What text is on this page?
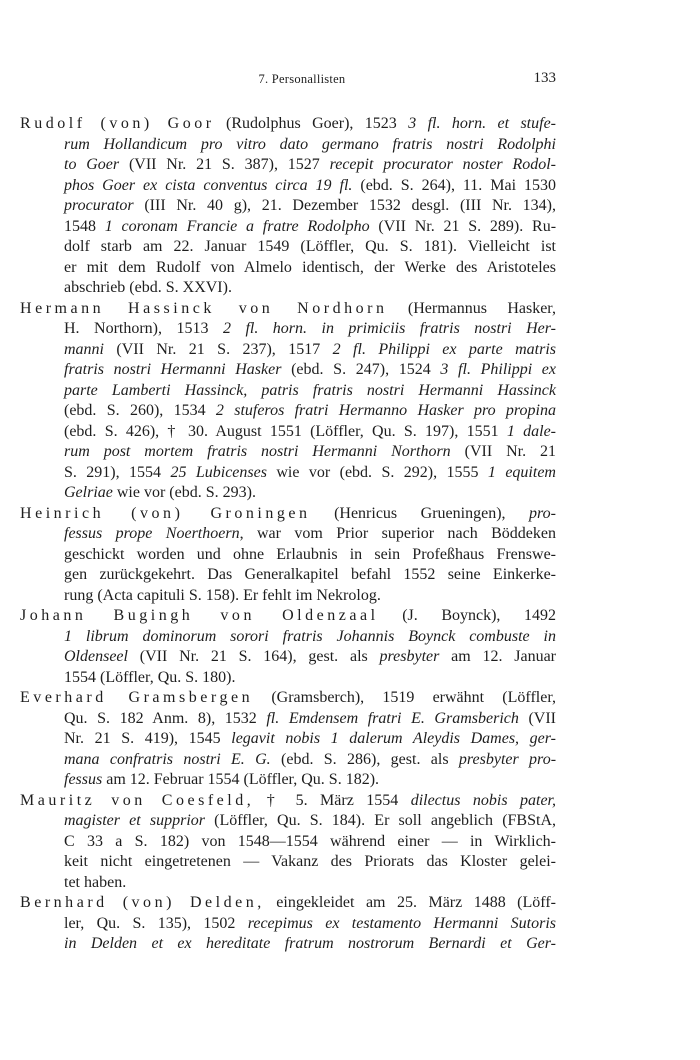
7. Personallisten	133
Rudolf (von) Goor (Rudolphus Goer), 1523 3 fl. horn. et stufe-
rum Hollandicum pro vitro dato germano fratris nostri Rodolphi
to Goer (VII Nr. 21 S. 387), 1527 recepit procurator noster Rodol-
phos Goer ex cista conventus circa 19 fl. (ebd. S. 264), 11. Mai 1530
procurator (III Nr. 40 g), 21. Dezember 1532 desgl. (III Nr. 134),
1548 1 coronam Francie a fratre Rodolpho (VII Nr. 21 S. 289). Ru-
dolf starb am 22. Januar 1549 (Löffler, Qu. S. 181). Vielleicht ist
er mit dem Rudolf von Almelo identisch, der Werke des Aristoteles
abschrieb (ebd. S. XXVI).
Hermann Hassinck von Nordhorn (Hermannus Hasker,
H. Northorn), 1513 2 fl. horn. in primiciis fratris nostri Her-
manni (VII Nr. 21 S. 237), 1517 2 fl. Philippi ex parte matris
fratris nostri Hermanni Hasker (ebd. S. 247), 1524 3 fl. Philippi ex
parte Lamberti Hassinck, patris fratris nostri Hermanni Hassinck
(ebd. S. 260), 1534 2 stuferos fratri Hermanno Hasker pro propina
(ebd. S. 426), † 30. August 1551 (Löffler, Qu. S. 197), 1551 1 dale-
rum post mortem fratris nostri Hermanni Northorn (VII Nr. 21
S. 291), 1554 25 Lubicenses wie vor (ebd. S. 292), 1555 1 equitem
Gelriae wie vor (ebd. S. 293).
Heinrich (von) Groningen (Henricus Grueningen), pro-
fessus prope Noerthoern, war vom Prior superior nach Böddeken
geschickt worden und ohne Erlaubnis in sein Profeßhaus Frenswe-
gen zurückgekehrt. Das Generalkapitel befahl 1552 seine Einkerke-
rung (Acta capituli S. 158). Er fehlt im Nekrolog.
Johann Bugingh von Oldenzaal (J. Boynck), 1492
1 librum dominorum sorori fratris Johannis Boynck combuste in
Oldenseel (VII Nr. 21 S. 164), gest. als presbyter am 12. Januar
1554 (Löffler, Qu. S. 180).
Everhard Gramsbergen (Gramsberch), 1519 erwähnt (Löffler,
Qu. S. 182 Anm. 8), 1532 fl. Emdensem fratri E. Gramsberich (VII
Nr. 21 S. 419), 1545 legavit nobis 1 dalerum Aleydis Dames, ger-
mana confratris nostri E. G. (ebd. S. 286), gest. als presbyter pro-
fessus am 12. Februar 1554 (Löffler, Qu. S. 182).
Mauritz von Coesfeld, † 5. März 1554 dilectus nobis pater,
magister et supprior (Löffler, Qu. S. 184). Er soll angeblich (FBStA,
C 33 a S. 182) von 1548—1554 während einer — in Wirklich-
keit nicht eingetretenen — Vakanz des Priorats das Kloster gelei-
tet haben.
Bernhard (von) Delden, eingekleidet am 25. März 1488 (Löff-
ler, Qu. S. 135), 1502 recepimus ex testamento Hermanni Sutoris
in Delden et ex hereditate fratrum nostrorum Bernardi et Ger-
